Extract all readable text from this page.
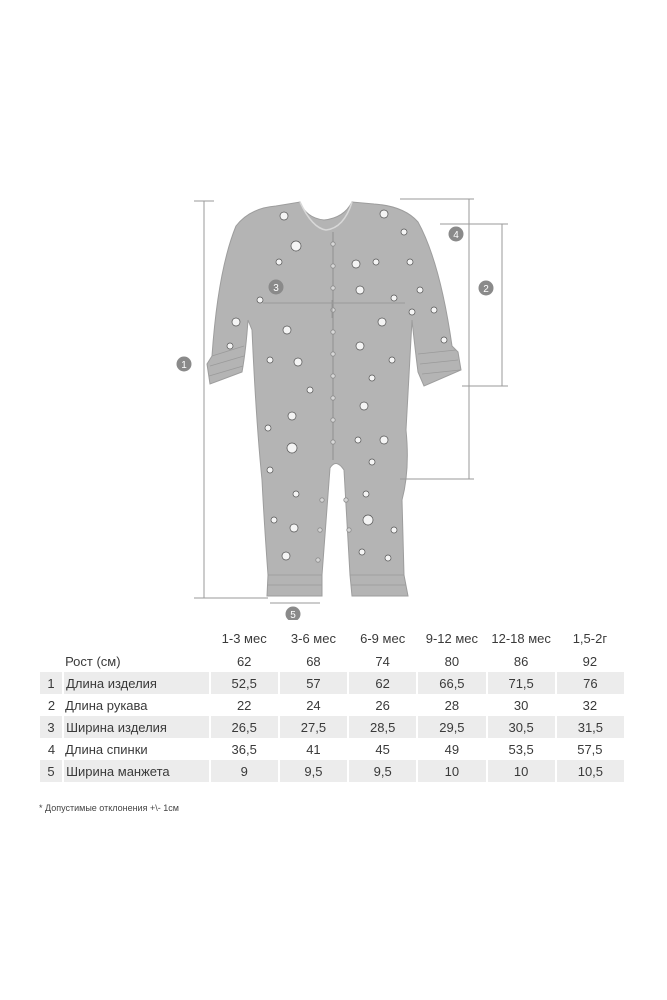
1
2
3
4
5
		1-3 мес	3-6 мес	6-9 мес	9-12 мес	12-18 мес	1,5-2г
	Рост (см)	62	68	74	80	86	92
1	Длина изделия	52,5	57	62	66,5	71,5	76
2	Длина рукава	22	24	26	28	30	32
3	Ширина изделия	26,5	27,5	28,5	29,5	30,5	31,5
4	Длина спинки	36,5	41	45	49	53,5	57,5
5	Ширина манжета	9	9,5	9,5	10	10	10,5
* Допустимые отклонения +\- 1см
